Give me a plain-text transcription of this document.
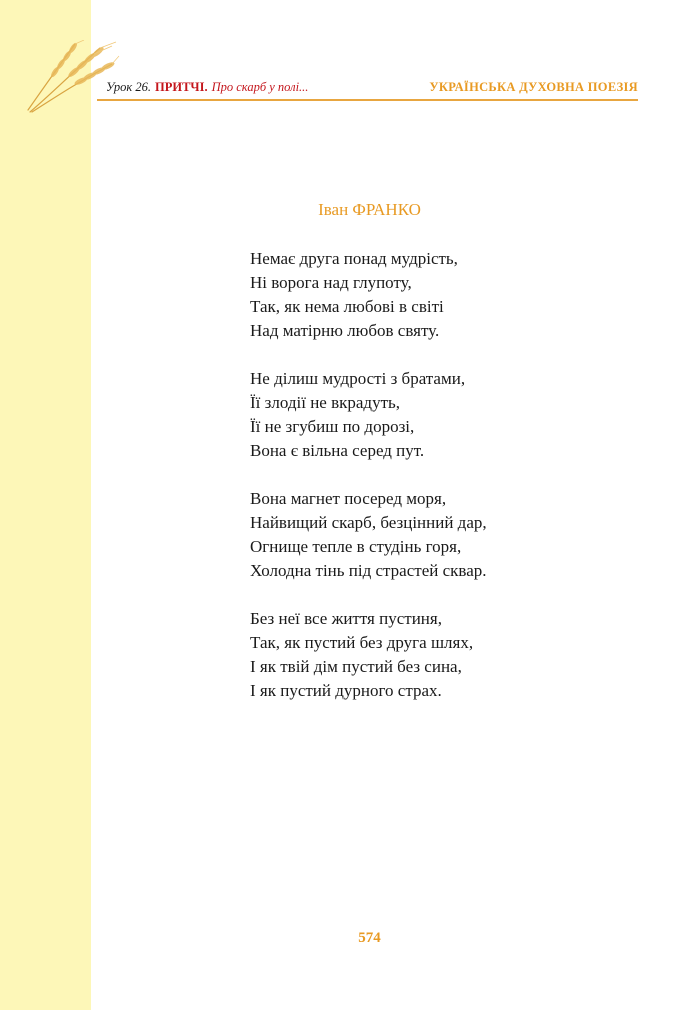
Урок 26. ПРИТЧІ. Про скарб у полі...	УКРАЇНСЬКА ДУХОВНА ПОЕЗІЯ
Іван ФРАНКО
Немає друга понад мудрість,
Ні ворога над глупоту,
Так, як нема любові в світі
Над матірню любов святу.
Не ділиш мудрості з братами,
Її злодії не вкрадуть,
Її не згубиш по дорозі,
Вона є вільна серед пут.
Вона магнет посеред моря,
Найвищий скарб, безцінний дар,
Огнище тепле в студінь горя,
Холодна тінь під страстей сквар.
Без неї все життя пустиня,
Так, як пустий без друга шлях,
І як твій дім пустий без сина,
І як пустий дурного страх.
574
